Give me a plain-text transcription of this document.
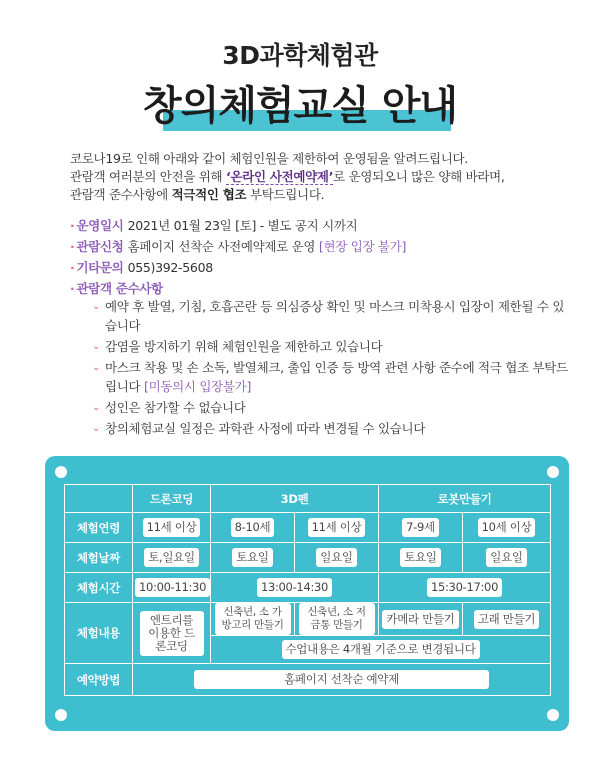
3D과학체험관
창의체험교실 안내
코로나19로 인해 아래와 같이 체험인원을 제한하여 운영됨을 알려드립니다.
관람객 여러분의 안전을 위해 ‘온라인 사전예약제’로 운영되오니 많은 양해 바라며,
관람객 준수사항에 적극적인 협조 부탁드립니다.
· 운영일시 2021년 01월 23일 [토] - 별도 공지 시까지
· 관람신청 홈페이지 선착순 사전예약제로 운영 [현장 입장 불가]
· 기타문의 055)392-5608
· 관람객 준수사항
⌄ 예약 후 발열, 기침, 호흡곤란 등 의심증상 확인 및 마스크 미착용시 입장이 제한될 수 있습니다
⌄ 감염을 방지하기 위해 체험인원을 제한하고 있습니다
⌄ 마스크 착용 및 손 소독, 발열체크, 출입 인증 등 방역 관련 사항 준수에 적극 협조 부탁드립니다 [미동의시 입장불가]
⌄ 성인은 참가할 수 없습니다
⌄ 창의체험교실 일정은 과학관 사정에 따라 변경될 수 있습니다
	드론코딩	3D펜		로봇만들기	
체험연령	11세 이상	8-10세	11세 이상	7-9세	10세 이상
체험날짜	토,일요일	토요일	일요일	토요일	일요일
체험시간	10:00-11:30	13:00-14:30		15:30-17:00	
체험내용	엔트리를 이용한 드론코딩	신축년, 소 가방고리 만들기	신축년, 소 저금통 만들기	카메라 만들기	고래 만들기
		수업내용은 4개월 기준으로 변경됩니다			
예약방법	홈페이지 선착순 예약제				
